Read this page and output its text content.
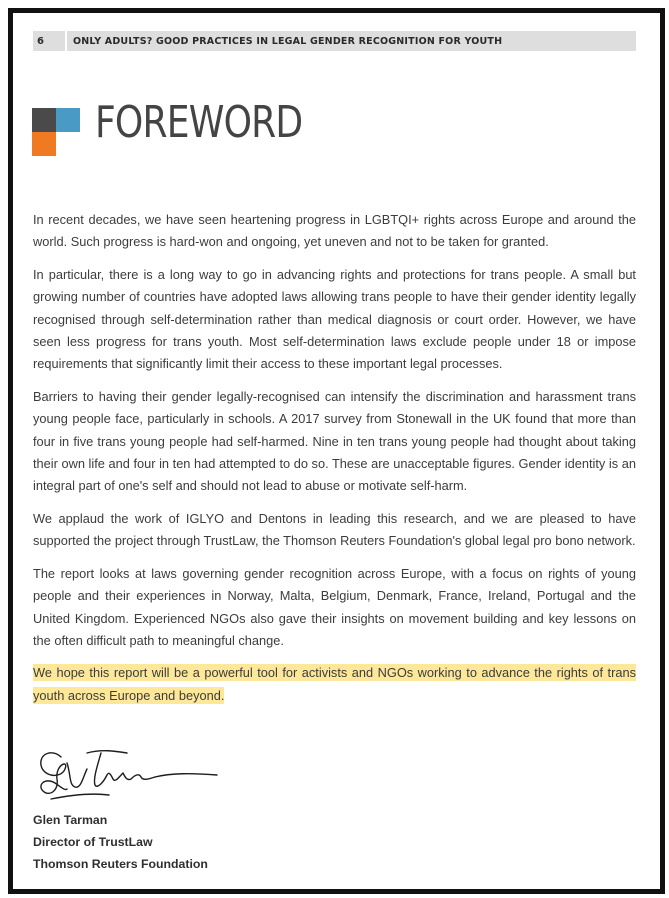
6	ONLY ADULTS? GOOD PRACTICES IN LEGAL GENDER RECOGNITION FOR YOUTH
FOREWORD

In recent decades, we have seen heartening progress in LGBTQI+ rights across Europe and around the world. Such progress is hard-won and ongoing, yet uneven and not to be taken for granted.

In particular, there is a long way to go in advancing rights and protections for trans people. A small but growing number of countries have adopted laws allowing trans people to have their gender identity legally recognised through self-determination rather than medical diagnosis or court order. However, we have seen less progress for trans youth. Most self-determination laws exclude people under 18 or impose requirements that significantly limit their access to these important legal processes.

Barriers to having their gender legally-recognised can intensify the discrimination and harassment trans young people face, particularly in schools. A 2017 survey from Stonewall in the UK found that more than four in five trans young people had self-harmed. Nine in ten trans young people had thought about taking their own life and four in ten had attempted to do so. These are unacceptable figures. Gender identity is an integral part of one's self and should not lead to abuse or motivate self-harm.

We applaud the work of IGLYO and Dentons in leading this research, and we are pleased to have supported the project through TrustLaw, the Thomson Reuters Foundation's global legal pro bono network.

The report looks at laws governing gender recognition across Europe, with a focus on rights of young people and their experiences in Norway, Malta, Belgium, Denmark, France, Ireland, Portugal and the United Kingdom. Experienced NGOs also gave their insights on movement building and key lessons on the often difficult path to meaningful change.

We hope this report will be a powerful tool for activists and NGOs working to advance the rights of trans youth across Europe and beyond.

Glen Tarman
Director of TrustLaw
Thomson Reuters Foundation
